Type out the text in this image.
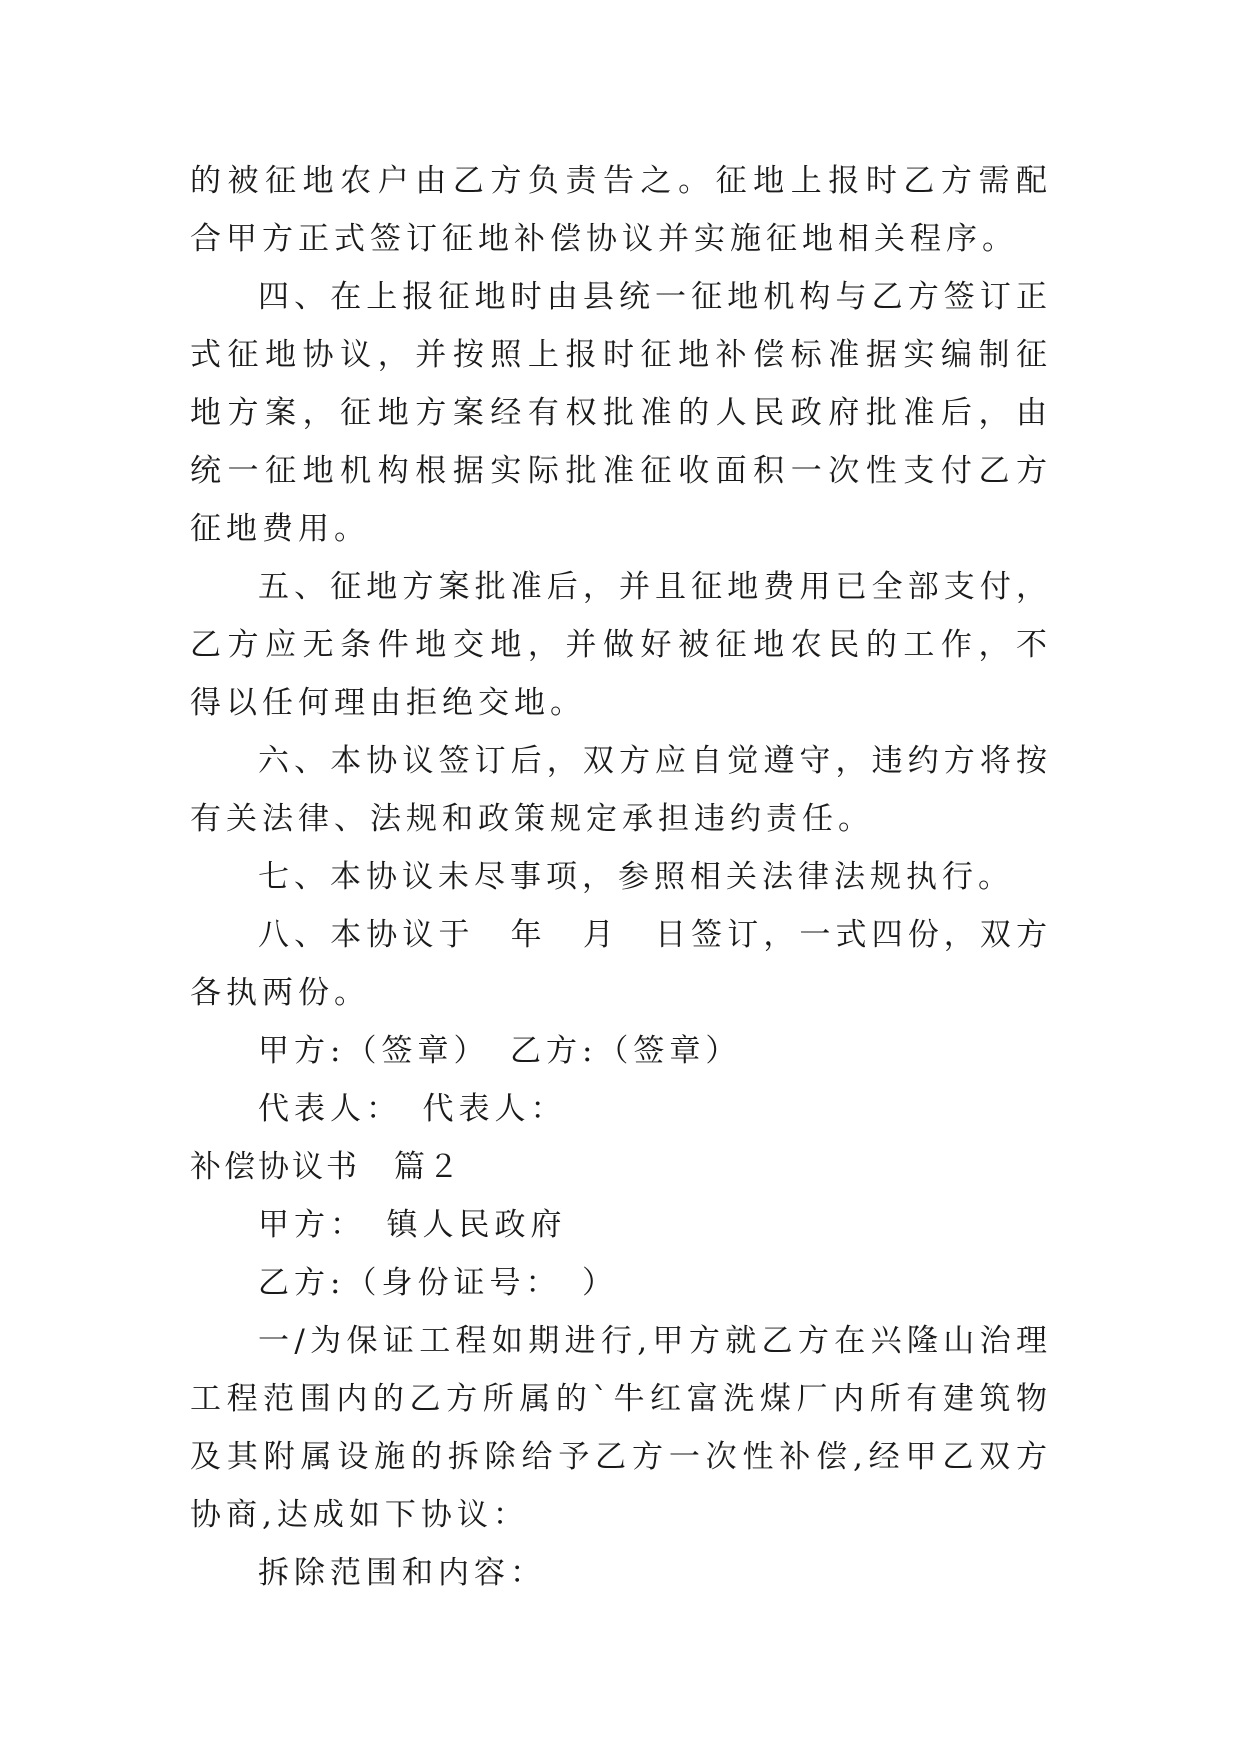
的被征地农户由乙方负责告之。征地上报时乙方需配合甲方正式签订征地补偿协议并实施征地相关程序。

四、在上报征地时由县统一征地机构与乙方签订正式征地协议，并按照上报时征地补偿标准据实编制征地方案，征地方案经有权批准的人民政府批准后，由统一征地机构根据实际批准征收面积一次性支付乙方征地费用。

五、征地方案批准后，并且征地费用已全部支付，乙方应无条件地交地，并做好被征地农民的工作，不得以任何理由拒绝交地。

六、本协议签订后，双方应自觉遵守，违约方将按有关法律、法规和政策规定承担违约责任。

七、本协议未尽事项，参照相关法律法规执行。

八、本协议于　年　月　日签订，一式四份，双方各执两份。

甲方:（签章）　乙方:（签章）

代表人：　代表人：

补偿协议书　篇２

甲方：　镇人民政府

乙方:（身份证号：　）

一/为保证工程如期进行,甲方就乙方在兴隆山治理工程范围内的乙方所属的`牛红富洗煤厂内所有建筑物及其附属设施的拆除给予乙方一次性补偿,经甲乙双方协商,达成如下协议：

拆除范围和内容：
